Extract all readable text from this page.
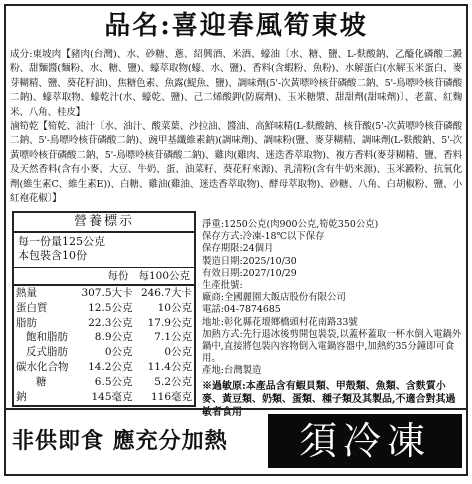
品名:喜迎春風筍東坡

成分:東坡肉【豬肉(台灣)、水、砂糖、蔥、紹興酒、米酒、蠔油〔水、糖、鹽、L-麩酸鈉、乙醯化磷酸二澱粉、甜麵醬(麵粉、水、糖、鹽)、蠔萃取物(蠔、水、鹽)、香料(含蝦粉、魚粉)、水解蛋白(水解玉米蛋白、麥芽糊精、鹽、葵花籽油)、焦糖色素、魚露(鯷魚、鹽)、調味劑(5'-次黃嘌呤核苷磷酸二鈉、5'-鳥嘌呤核苷磷酸二鈉)、蠔萃取物、蠔乾汁(水、蠔乾、鹽)、己二烯酸鉀(防腐劑)、玉米糖漿、甜甜劑(甜味劑)〕、老薑、紅麴米、八角、桂皮】

滷筍乾【筍乾、油汁〔水、油汁、酸菜葉、沙拉油、醬油、高鮮味精(L-麩酸鈉、核苷酸(5'-次黃嘌呤核苷磷酸二鈉、5'-鳥嘌呤核苷磷酸二鈉)、豌甲基纖維素鈉)(調味劑)、調味粉(鹽、麥芽糊精、調味劑(L-麩酸鈉、5'-次黃嘌呤核苷磷酸二鈉、5'-鳥嘌呤核苷磷酸二鈉)、雞肉(雞肉、迷迭香萃取物)、複方香料(麥芽糊精、鹽、香料及天然香料(含有小麥、大豆、牛奶、蛋、油菜籽、葵花籽來源)、乳清粉(含有牛奶來源)、玉米澱粉、抗氧化劑(維生素C、維生素E))、白糖、雞油(雞油、迷迭香萃取物)、酵母萃取物)、砂糖、八角、白胡椒粉、鹽、小紅袍花椒〕】

營養標示
每一份量125公克
本包裝含10份
每份 每100公克
熱量	307.5大卡	246.7大卡
蛋白質	12.5公克	10公克
脂肪	22.3公克	17.9公克
飽和脂肪	8.9公克	7.1公克
反式脂肪	0公克	0公克
碳水化合物	14.2公克	11.4公克
糖	6.5公克	5.2公克
鈉	145毫克	116毫克

淨重:1250公克(肉900公克,筍乾350公克)

保存方式:冷凍-18℃以下保存

保存期限:24個月

製造日期:2025/10/30

有效日期:2027/10/29

生產批號:

廠商:全國麗園大飯店股份有限公司

電話:04-7874685

地址:彰化縣花壇鄉橋頭村花南路33號

加熱方式:先行退冰後剪開包裝袋,以蓋杯蓋取一杯水倒入電鍋外鍋中,直接將包裝內容物倒入電鍋容器中,加熱約35分鐘即可食用。

產地:台灣製造

※過敏原:本產品含有蝦貝類、甲殼類、魚類、含麩質小麥、黃豆類、奶類、蛋類、種子類及其製品,不適合對其過敏者食用

非供即食 應充分加熱	須冷凍
